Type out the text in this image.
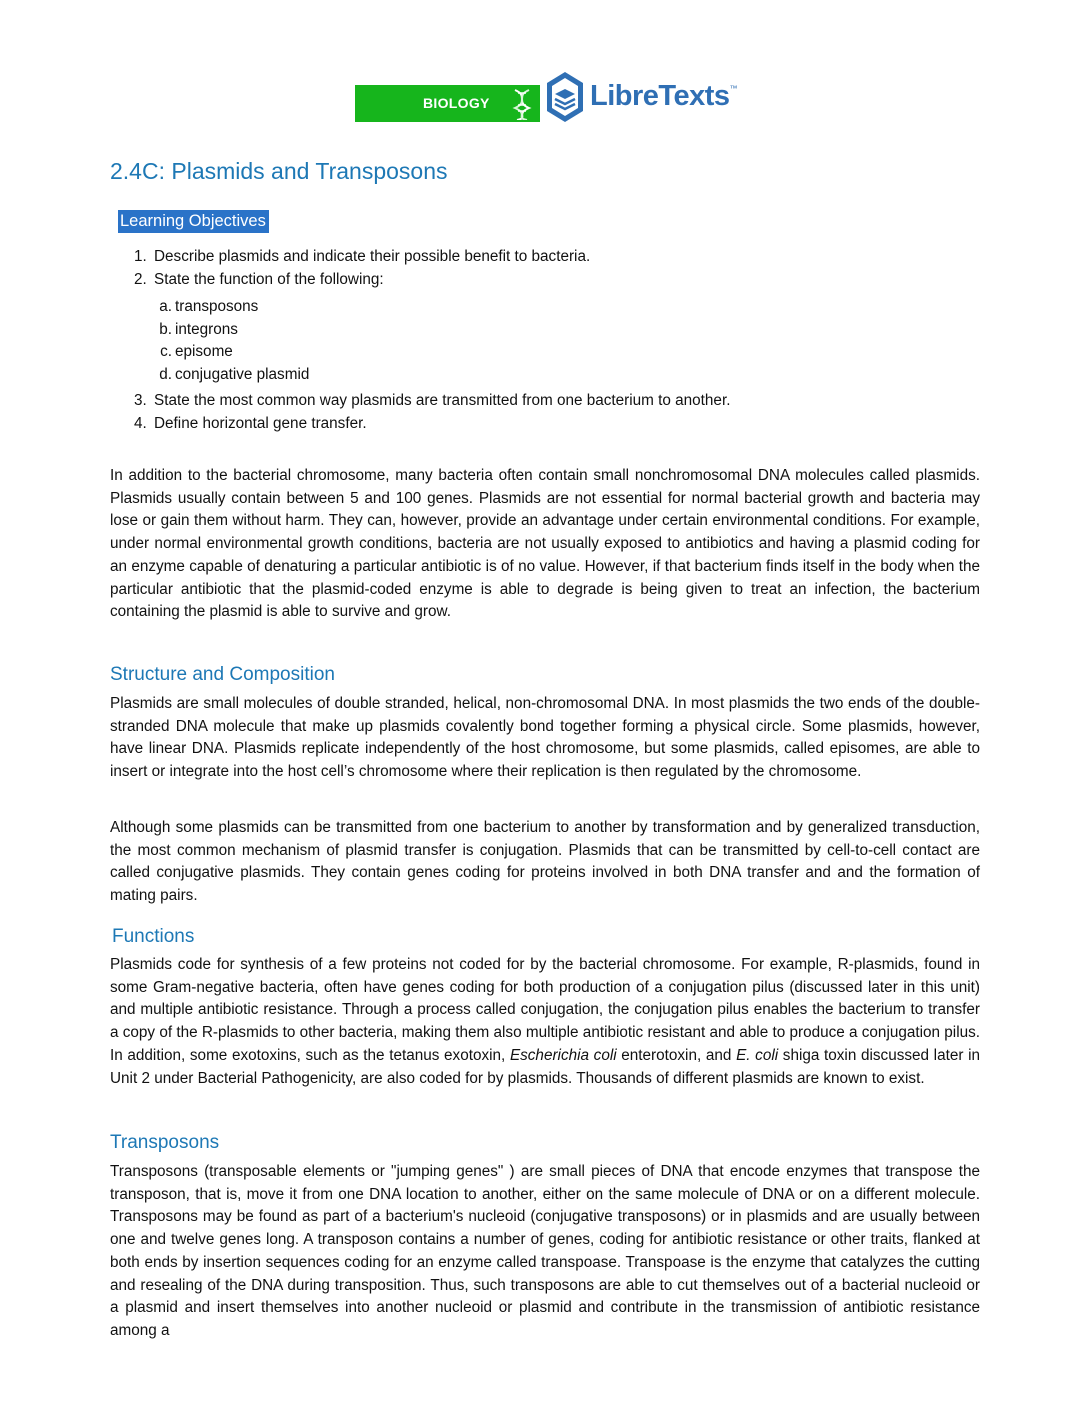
BIOLOGY	LibreTexts™
2.4C: Plasmids and Transposons
Learning Objectives
1. Describe plasmids and indicate their possible benefit to bacteria.
2. State the function of the following:
a. transposons
b. integrons
c. episome
d. conjugative plasmid
3. State the most common way plasmids are transmitted from one bacterium to another.
4. Define horizontal gene transfer.

In addition to the bacterial chromosome, many bacteria often contain small nonchromosomal DNA molecules called plasmids. Plasmids usually contain between 5 and 100 genes. Plasmids are not essential for normal bacterial growth and bacteria may lose or gain them without harm. They can, however, provide an advantage under certain environmental conditions. For example, under normal environmental growth conditions, bacteria are not usually exposed to antibiotics and having a plasmid coding for an enzyme capable of denaturing a particular antibiotic is of no value. However, if that bacterium finds itself in the body when the particular antibiotic that the plasmid-coded enzyme is able to degrade is being given to treat an infection, the bacterium containing the plasmid is able to survive and grow.

Structure and Composition

Plasmids are small molecules of double stranded, helical, non-chromosomal DNA. In most plasmids the two ends of the double-stranded DNA molecule that make up plasmids covalently bond together forming a physical circle. Some plasmids, however, have linear DNA. Plasmids replicate independently of the host chromosome, but some plasmids, called episomes, are able to insert or integrate into the host cell’s chromosome where their replication is then regulated by the chromosome.

Although some plasmids can be transmitted from one bacterium to another by transformation and by generalized transduction, the most common mechanism of plasmid transfer is conjugation. Plasmids that can be transmitted by cell-to-cell contact are called conjugative plasmids. They contain genes coding for proteins involved in both DNA transfer and and the formation of mating pairs.

Functions

Plasmids code for synthesis of a few proteins not coded for by the bacterial chromosome. For example, R-plasmids, found in some Gram-negative bacteria, often have genes coding for both production of a conjugation pilus (discussed later in this unit) and multiple antibiotic resistance. Through a process called conjugation, the conjugation pilus enables the bacterium to transfer a copy of the R-plasmids to other bacteria, making them also multiple antibiotic resistant and able to produce a conjugation pilus. In addition, some exotoxins, such as the tetanus exotoxin, Escherichia coli enterotoxin, and E. coli shiga toxin discussed later in Unit 2 under Bacterial Pathogenicity, are also coded for by plasmids. Thousands of different plasmids are known to exist.

Transposons

Transposons (transposable elements or "jumping genes" ) are small pieces of DNA that encode enzymes that transpose the transposon, that is, move it from one DNA location to another, either on the same molecule of DNA or on a different molecule. Transposons may be found as part of a bacterium's nucleoid (conjugative transposons) or in plasmids and are usually between one and twelve genes long. A transposon contains a number of genes, coding for antibiotic resistance or other traits, flanked at both ends by insertion sequences coding for an enzyme called transpoase. Transpoase is the enzyme that catalyzes the cutting and resealing of the DNA during transposition. Thus, such transposons are able to cut themselves out of a bacterial nucleoid or a plasmid and insert themselves into another nucleoid or plasmid and contribute in the transmission of antibiotic resistance among a
